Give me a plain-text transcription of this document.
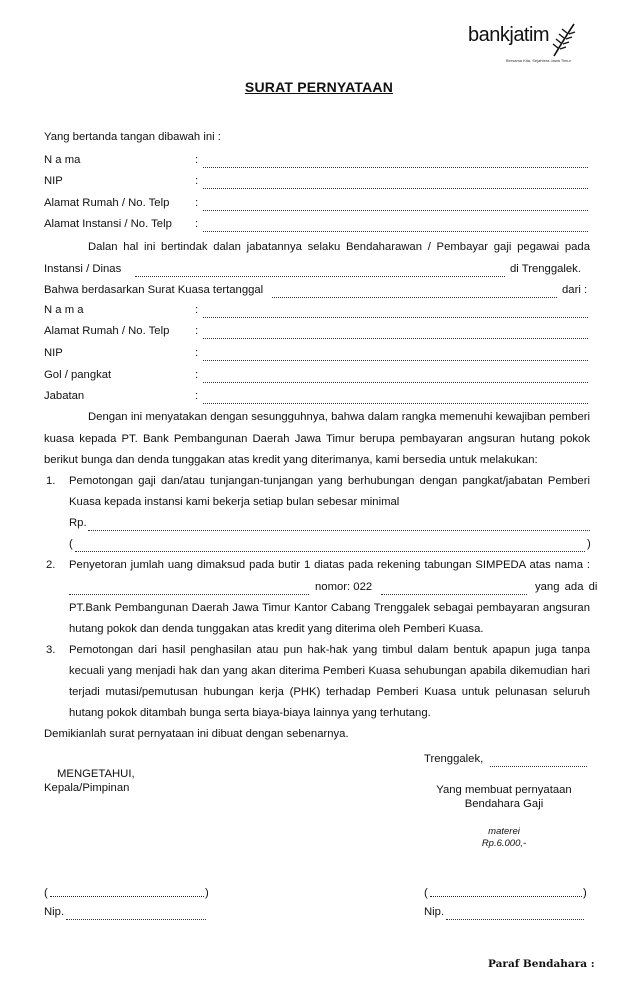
bankjatim
Bersama Kita, Sejahtera Jawa Timur
SURAT PERNYATAAN
Yang bertanda tangan dibawah ini :
N a ma	:
NIP	:
Alamat Rumah / No. Telp :
Alamat Instansi / No. Telp :
Dalan hal ini bertindak dalan jabatannya selaku Bendaharawan / Pembayar gaji pegawai pada
Instansi / Dinas	di Trenggalek.
Bahwa berdasarkan Surat Kuasa tertanggal	dari :
N a m a	:
Alamat Rumah / No. Telp :
NIP	:
Gol / pangkat	:
Jabatan	:
Dengan ini menyatakan dengan sesungguhnya, bahwa dalam rangka memenuhi kewajiban pemberi
kuasa kepada PT. Bank Pembangunan Daerah Jawa Timur berupa pembayaran angsuran hutang pokok
berikut bunga dan denda tunggakan atas kredit yang diterimanya, kami bersedia untuk melakukan:
1. Pemotongan gaji dan/atau tunjangan-tunjangan yang berhubungan dengan pangkat/jabatan Pemberi
Kuasa kepada instansi kami bekerja setiap bulan sebesar minimal
Rp.
(	)
2. Penyetoran jumlah uang dimaksud pada butir 1 diatas pada rekening tabungan SIMPEDA atas nama :
nomor: 022	yang ada di
PT.Bank Pembangunan Daerah Jawa Timur Kantor Cabang Trenggalek sebagai pembayaran angsuran
hutang pokok dan denda tunggakan atas kredit yang diterima oleh Pemberi Kuasa.
3. Pemotongan dari hasil penghasilan atau pun hak-hak yang timbul dalam bentuk apapun juga tanpa
kecuali yang menjadi hak dan yang akan diterima Pemberi Kuasa sehubungan apabila dikemudian hari
terjadi mutasi/pemutusan hubungan kerja (PHK) terhadap Pemberi Kuasa untuk pelunasan seluruh
hutang pokok ditambah bunga serta biaya-biaya lainnya yang terhutang.
Demikianlah surat pernyataan ini dibuat dengan sebenarnya.
Trenggalek,
Yang membuat pernyataan
Bendahara Gaji
materei
Rp.6.000,-
MENGETAHUI,
Kepala/Pimpinan
(	)
Nip.
(	)
Nip.
Paraf Bendahara :
